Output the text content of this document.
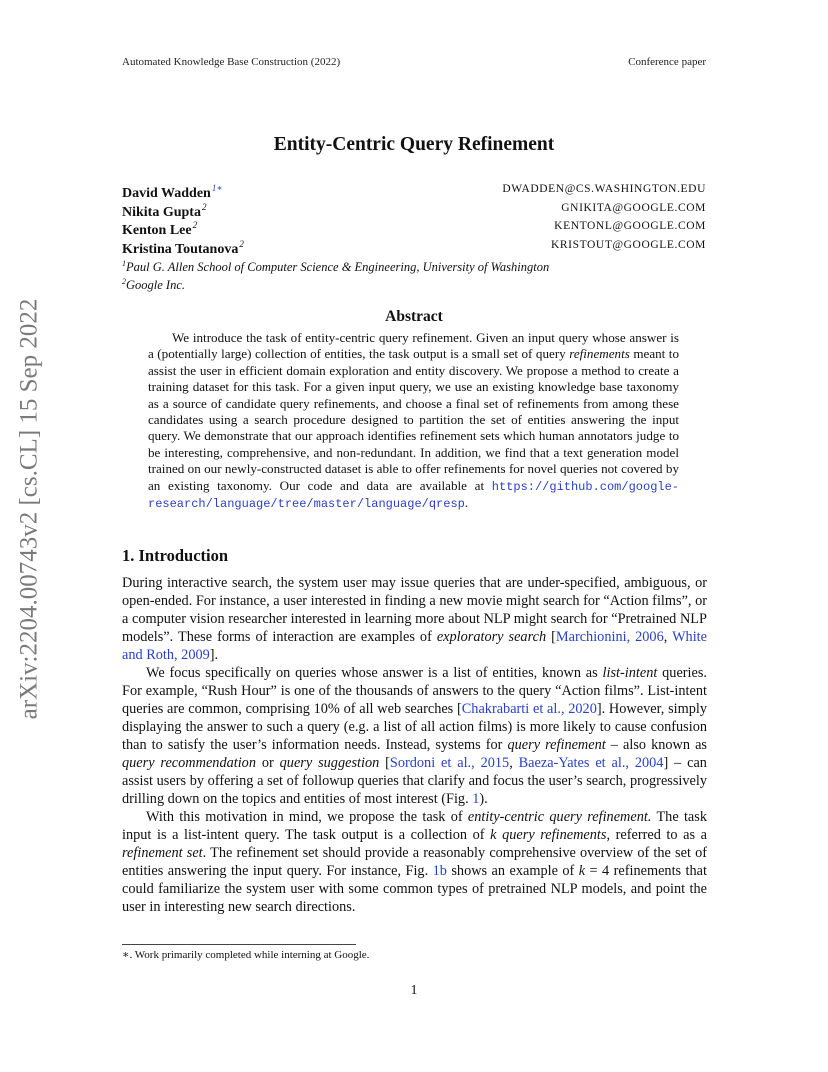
Automated Knowledge Base Construction (2022)	Conference paper
arXiv:2204.00743v2 [cs.CL] 15 Sep 2022
Entity-Centric Query Refinement
David Wadden$^{1∗}$	DWADDEN@CS.WASHINGTON.EDU
Nikita Gupta$^2$	GNIKITA@GOOGLE.COM
Kenton Lee$^2$	KENTONL@GOOGLE.COM
Kristina Toutanova$^2$	KRISTOUT@GOOGLE.COM
$^1$Paul G. Allen School of Computer Science & Engineering, University of Washington
$^2$Google Inc.
Abstract
We introduce the task of entity-centric query refinement. Given an input query whose answer is a (potentially large) collection of entities, the task output is a small set of query refinements meant to assist the user in efficient domain exploration and entity discovery. We propose a method to create a training dataset for this task. For a given input query, we use an existing knowledge base taxonomy as a source of candidate query refinements, and choose a final set of refinements from among these candidates using a search procedure designed to partition the set of entities answering the input query. We demonstrate that our approach identifies refinement sets which human annotators judge to be interesting, comprehensive, and non-redundant. In addition, we find that a text generation model trained on our newly-constructed dataset is able to offer refinements for novel queries not covered by an existing taxonomy. Our code and data are available at https://github.com/google-research/language/tree/master/language/qresp.
1. Introduction

During interactive search, the system user may issue queries that are under-specified, ambiguous, or open-ended. For instance, a user interested in finding a new movie might search for “Action films”, or a computer vision researcher interested in learning more about NLP might search for “Pretrained NLP models”. These forms of interaction are examples of exploratory search [Marchionini, 2006, White and Roth, 2009].

We focus specifically on queries whose answer is a list of entities, known as list-intent queries. For example, “Rush Hour” is one of the thousands of answers to the query “Action films”. List-intent queries are common, comprising 10% of all web searches [Chakrabarti et al., 2020]. However, simply displaying the answer to such a query (e.g. a list of all action films) is more likely to cause confusion than to satisfy the user’s information needs. Instead, systems for query refinement – also known as query recommendation or query suggestion [Sordoni et al., 2015, Baeza-Yates et al., 2004] – can assist users by offering a set of followup queries that clarify and focus the user’s search, progressively drilling down on the topics and entities of most interest (Fig. 1).

With this motivation in mind, we propose the task of entity-centric query refinement. The task input is a list-intent query. The task output is a collection of k query refinements, referred to as a refinement set. The refinement set should provide a reasonably comprehensive overview of the set of entities answering the input query. For instance, Fig. 1b shows an example of k = 4 refinements that could familiarize the system user with some common types of pretrained NLP models, and point the user in interesting new search directions.

∗. Work primarily completed while interning at Google.
1
